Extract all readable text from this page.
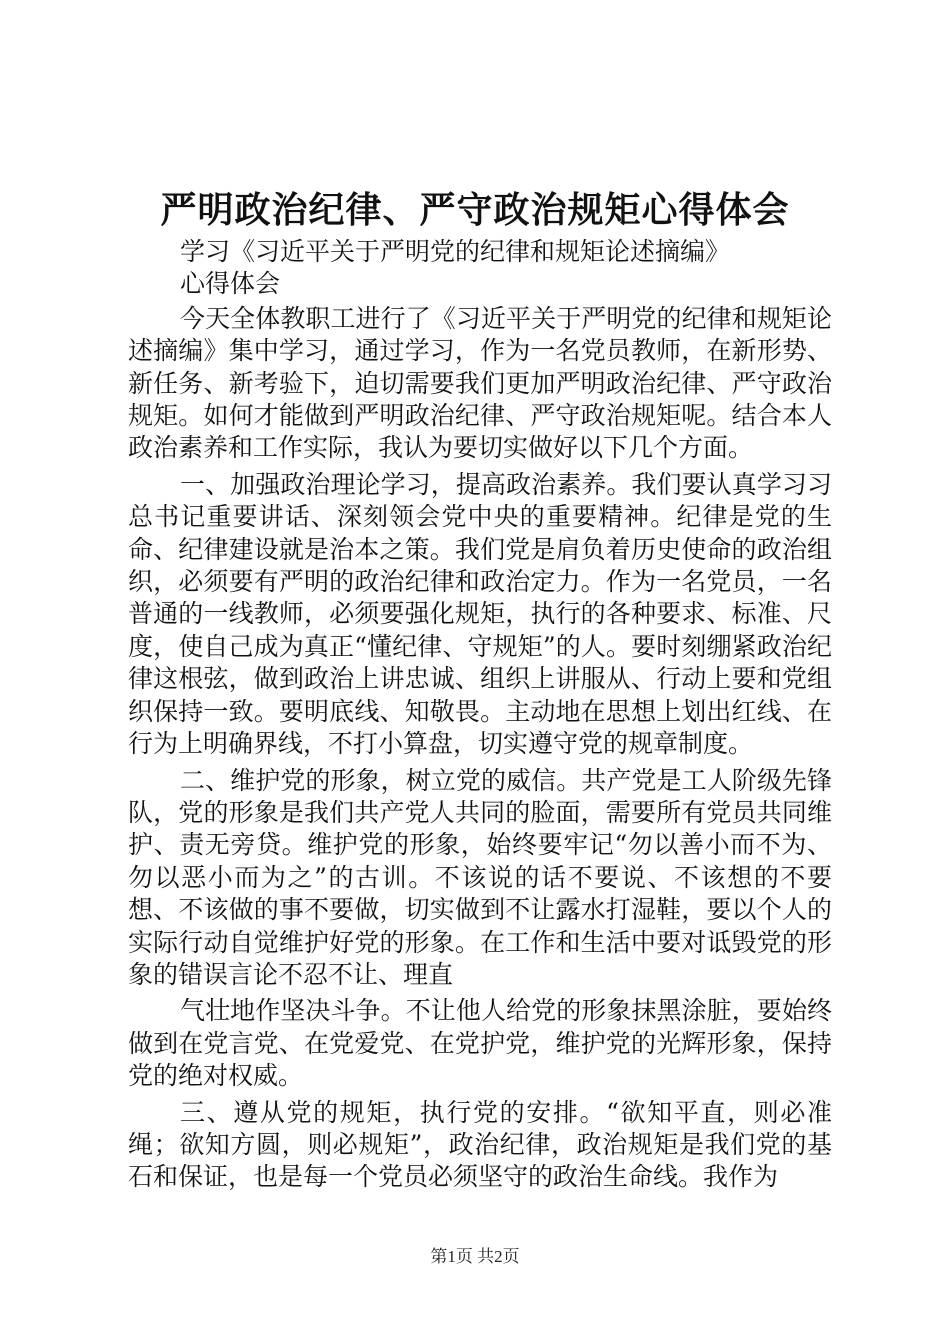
严明政治纪律、严守政治规矩心得体会

学习《习近平关于严明党的纪律和规矩论述摘编》

心得体会

今天全体教职工进行了《习近平关于严明党的纪律和规矩论述摘编》集中学习，通过学习，作为一名党员教师，在新形势、新任务、新考验下，迫切需要我们更加严明政治纪律、严守政治规矩。如何才能做到严明政治纪律、严守政治规矩呢。结合本人政治素养和工作实际，我认为要切实做好以下几个方面。

一、加强政治理论学习，提高政治素养。我们要认真学习习总书记重要讲话、深刻领会党中央的重要精神。纪律是党的生命、纪律建设就是治本之策。我们党是肩负着历史使命的政治组织，必须要有严明的政治纪律和政治定力。作为一名党员，一名普通的一线教师，必须要强化规矩，执行的各种要求、标准、尺度，使自己成为真正“懂纪律、守规矩”的人。要时刻绷紧政治纪律这根弦，做到政治上讲忠诚、组织上讲服从、行动上要和党组织保持一致。要明底线、知敬畏。主动地在思想上划出红线、在行为上明确界线，不打小算盘，切实遵守党的规章制度。

二、维护党的形象，树立党的威信。共产党是工人阶级先锋队，党的形象是我们共产党人共同的脸面，需要所有党员共同维护、责无旁贷。维护党的形象，始终要牢记“勿以善小而不为、勿以恶小而为之”的古训。不该说的话不要说、不该想的不要想、不该做的事不要做，切实做到不让露水打湿鞋，要以个人的实际行动自觉维护好党的形象。在工作和生活中要对诋毁党的形象的错误言论不忍不让、理直

气壮地作坚决斗争。不让他人给党的形象抹黑涂脏，要始终做到在党言党、在党爱党、在党护党，维护党的光辉形象，保持党的绝对权威。

三、遵从党的规矩，执行党的安排。“欲知平直，则必准绳；欲知方圆，则必规矩”，政治纪律，政治规矩是我们党的基石和保证，也是每一个党员必须坚守的政治生命线。我作为

第1页 共2页
